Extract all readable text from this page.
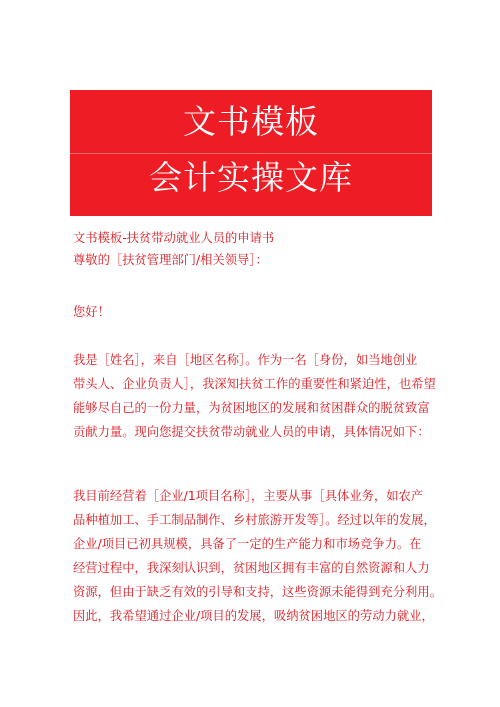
文书模板
会计实操文库
文书模板-扶贫带动就业人员的申请书
尊敬的［扶贫管理部门/相关领导］：
您好！
我是［姓名］，来自［地区名称］。作为一名［身份，如当地创业
带头人、企业负责人］，我深知扶贫工作的重要性和紧迫性，也希望
能够尽自己的一份力量，为贫困地区的发展和贫困群众的脱贫致富
贡献力量。现向您提交扶贫带动就业人员的申请，具体情况如下：
我目前经营着［企业/1项目名称］，主要从事［具体业务，如农产
品种植加工、手工制品制作、乡村旅游开发等］。经过以年的发展，
企业/项目已初具规模，具备了一定的生产能力和市场竞争力。在
经营过程中，我深刻认识到，贫困地区拥有丰富的自然资源和人力
资源，但由于缺乏有效的引导和支持，这些资源未能得到充分利用。
因此，我希望通过企业/项目的发展，吸纳贫困地区的劳动力就业，
